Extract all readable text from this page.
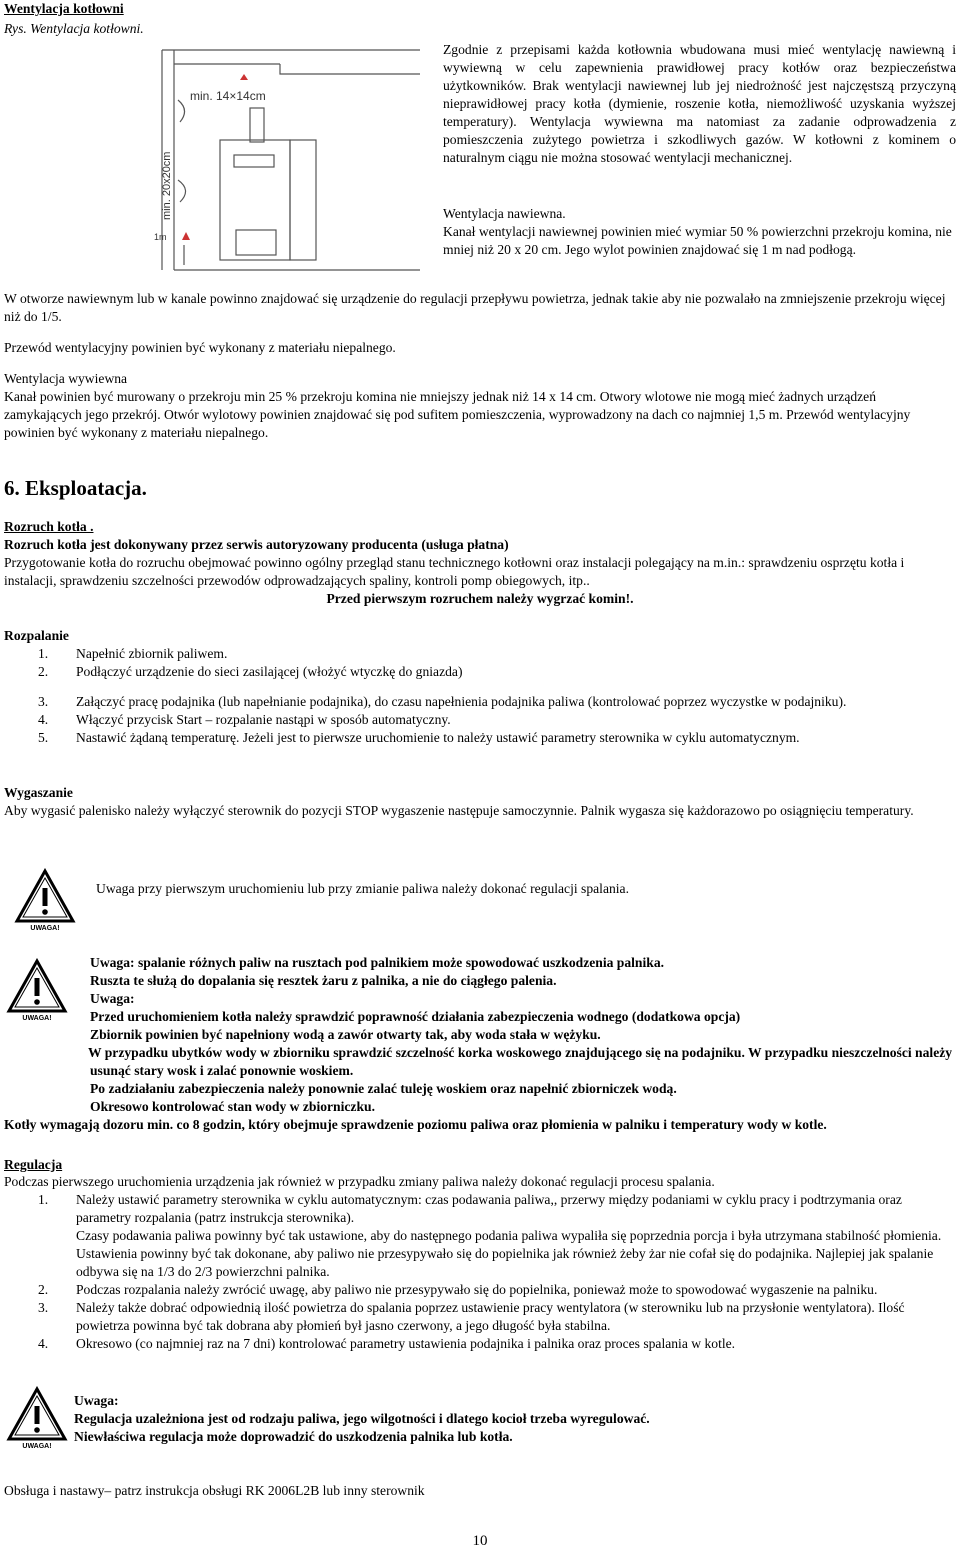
Wentylacja kotłowni
Rys. Wentylacja kotłowni.
min. 14×14cm
min. 20x20cm
1m

Zgodnie z przepisami każda kotłownia wbudowana musi mieć wentylację nawiewną i wywiewną w celu zapewnienia prawidłowej pracy kotłów oraz bezpieczeństwa użytkowników. Brak wentylacji nawiewnej lub jej niedrożność jest najczęstszą przyczyną nieprawidłowej pracy kotła (dymienie, roszenie kotła, niemożliwość uzyskania wyższej temperatury). Wentylacja wywiewna ma natomiast za zadanie odprowadzenia z pomieszczenia zużytego powietrza i szkodliwych gazów. W kotłowni z kominem o naturalnym ciągu nie można stosować wentylacji mechanicznej.

Wentylacja nawiewna.

Kanał wentylacji nawiewnej powinien mieć wymiar 50 % powierzchni przekroju komina, nie mniej niż 20 x 20 cm. Jego wylot powinien znajdować się 1 m nad podłogą.

W otworze nawiewnym lub w kanale powinno znajdować się urządzenie do regulacji przepływu powietrza, jednak takie aby nie pozwalało na zmniejszenie przekroju więcej niż do 1/5.

Przewód wentylacyjny powinien być wykonany z materiału niepalnego.

Wentylacja wywiewna

Kanał powinien być murowany o przekroju min 25 % przekroju komina nie mniejszy jednak niż 14 x 14 cm. Otwory wlotowe nie mogą mieć żadnych urządzeń zamykających jego przekrój. Otwór wylotowy powinien znajdować się pod sufitem pomieszczenia, wyprowadzony na dach co najmniej 1,5 m. Przewód wentylacyjny powinien być wykonany z materiału niepalnego.

6. Eksploatacja.
Rozruch kotła .
Rozruch kotła jest dokonywany przez serwis autoryzowany producenta (usługa płatna)

Przygotowanie kotła do rozruchu obejmować powinno ogólny przegląd stanu technicznego kotłowni oraz instalacji polegający na m.in.: sprawdzeniu osprzętu kotła i instalacji, sprawdzeniu szczelności przewodów odprowadzających spaliny, kontroli pomp obiegowych, itp..

Przed pierwszym rozruchem należy wygrzać komin!.
Rozpalanie
1.	Napełnić zbiornik paliwem.
2.	Podłączyć urządzenie do sieci zasilającej (włożyć wtyczkę do gniazda)
3.	Załączyć pracę podajnika (lub napełnianie podajnika), do czasu napełnienia podajnika paliwa (kontrolować poprzez wyczystke w podajniku).
4.	Włączyć przycisk Start – rozpalanie nastąpi w sposób automatyczny.
5.	Nastawić żądaną temperaturę. Jeżeli jest to pierwsze uruchomienie to należy ustawić parametry sterownika w cyklu automatycznym.
Wygaszanie

Aby wygasić palenisko należy wyłączyć sterownik do pozycji STOP wygaszenie następuje samoczynnie. Palnik wygasza się każdorazowo po osiągnięciu temperatury.

UWAGA!

Uwaga przy pierwszym uruchomieniu lub przy zmianie paliwa należy dokonać regulacji spalania.

UWAGA!
Uwaga: spalanie różnych paliw na rusztach pod palnikiem może spowodować uszkodzenia palnika.
Ruszta te służą do dopalania się resztek żaru z palnika, a nie do ciągłego palenia.
Uwaga:
Przed uruchomieniem kotła należy sprawdzić poprawność działania zabezpieczenia wodnego (dodatkowa opcja)
Zbiornik powinien być napełniony wodą a zawór otwarty tak, aby woda stała w wężyku.
W przypadku ubytków wody w zbiorniku sprawdzić szczelność korka woskowego znajdującego się na podajniku. W przypadku nieszczelności należy usunąć stary wosk i zalać ponownie woskiem.
Po zadziałaniu zabezpieczenia należy ponownie zalać tuleję woskiem oraz napełnić zbiorniczek wodą.
Okresowo kontrolować stan wody w zbiorniczku.

Kotły wymagają dozoru min. co 8 godzin, który obejmuje sprawdzenie poziomu paliwa oraz płomienia w palniku i temperatury wody w kotle.

Regulacja

Podczas pierwszego uruchomienia urządzenia jak również w przypadku zmiany paliwa należy dokonać regulacji procesu spalania.

1.	Należy ustawić parametry sterownika w cyklu automatycznym: czas podawania paliwa,, przerwy między podaniami w cyklu pracy i podtrzymania oraz parametry rozpalania (patrz instrukcja sterownika).
Czasy podawania paliwa powinny być tak ustawione, aby do następnego podania paliwa wypaliła się poprzednia porcja i była utrzymana stabilność płomienia. Ustawienia powinny być tak dokonane, aby paliwo nie przesypywało się do popielnika jak również żeby żar nie cofał się do podajnika. Najlepiej jak spalanie odbywa się na 1/3 do 2/3 powierzchni palnika.
2.	Podczas rozpalania należy zwrócić uwagę, aby paliwo nie przesypywało się do popielnika, ponieważ może to spowodować wygaszenie na palniku.
3.	Należy także dobrać odpowiednią ilość powietrza do spalania poprzez ustawienie pracy wentylatora (w sterowniku lub na przysłonie wentylatora). Ilość powietrza powinna być tak dobrana aby płomień był jasno czerwony, a jego długość była stabilna.
4.	Okresowo (co najmniej raz na 7 dni) kontrolować parametry ustawienia podajnika i palnika oraz proces spalania w kotle.
UWAGA!
Uwaga:
Regulacja uzależniona jest od rodzaju paliwa, jego wilgotności i dlatego kocioł trzeba wyregulować.
Niewłaściwa regulacja może doprowadzić do uszkodzenia palnika lub kotła.

Obsługa i nastawy– patrz instrukcja obsługi RK 2006L2B lub inny sterownik

10
